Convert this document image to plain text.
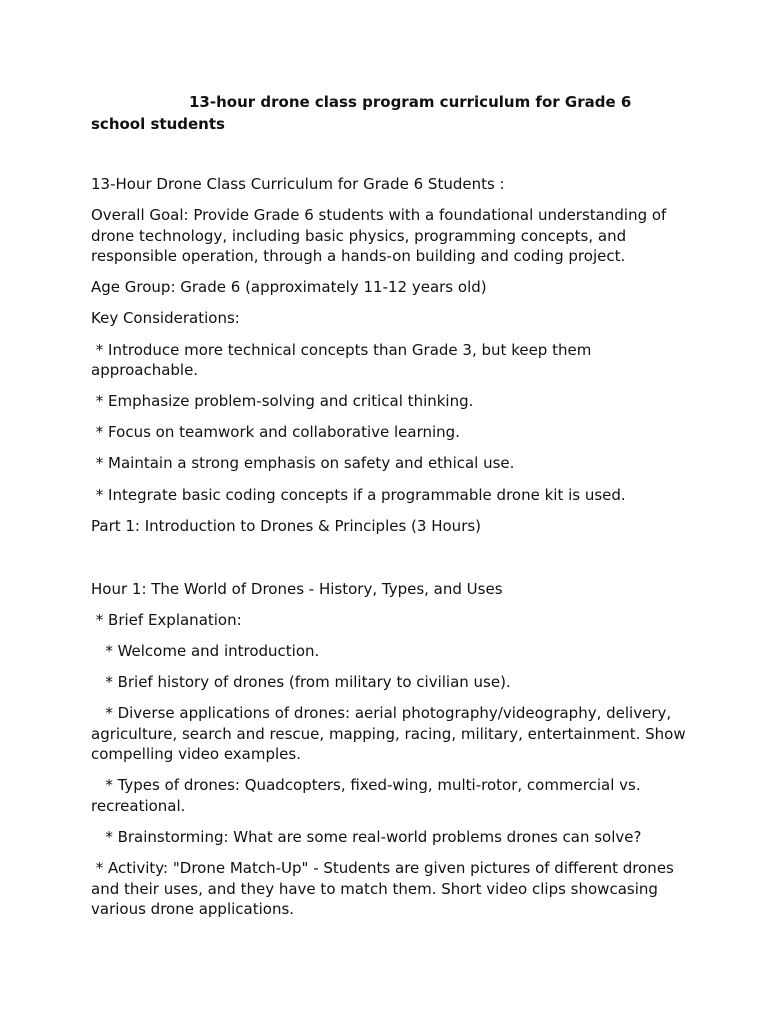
13-hour drone class program curriculum for Grade 6
school students

13-Hour Drone Class Curriculum for Grade 6 Students :

Overall Goal: Provide Grade 6 students with a foundational understanding of drone technology, including basic physics, programming concepts, and responsible operation, through a hands-on building and coding project.

Age Group: Grade 6 (approximately 11-12 years old)

Key Considerations:

* Introduce more technical concepts than Grade 3, but keep them approachable.

* Emphasize problem-solving and critical thinking.

* Focus on teamwork and collaborative learning.

* Maintain a strong emphasis on safety and ethical use.

* Integrate basic coding concepts if a programmable drone kit is used.

Part 1: Introduction to Drones & Principles (3 Hours)

Hour 1: The World of Drones - History, Types, and Uses

* Brief Explanation:

* Welcome and introduction.

* Brief history of drones (from military to civilian use).

* Diverse applications of drones: aerial photography/videography, delivery, agriculture, search and rescue, mapping, racing, military, entertainment. Show compelling video examples.

* Types of drones: Quadcopters, fixed-wing, multi-rotor, commercial vs. recreational.

* Brainstorming: What are some real-world problems drones can solve?

* Activity: "Drone Match-Up" - Students are given pictures of different drones and their uses, and they have to match them. Short video clips showcasing various drone applications.
